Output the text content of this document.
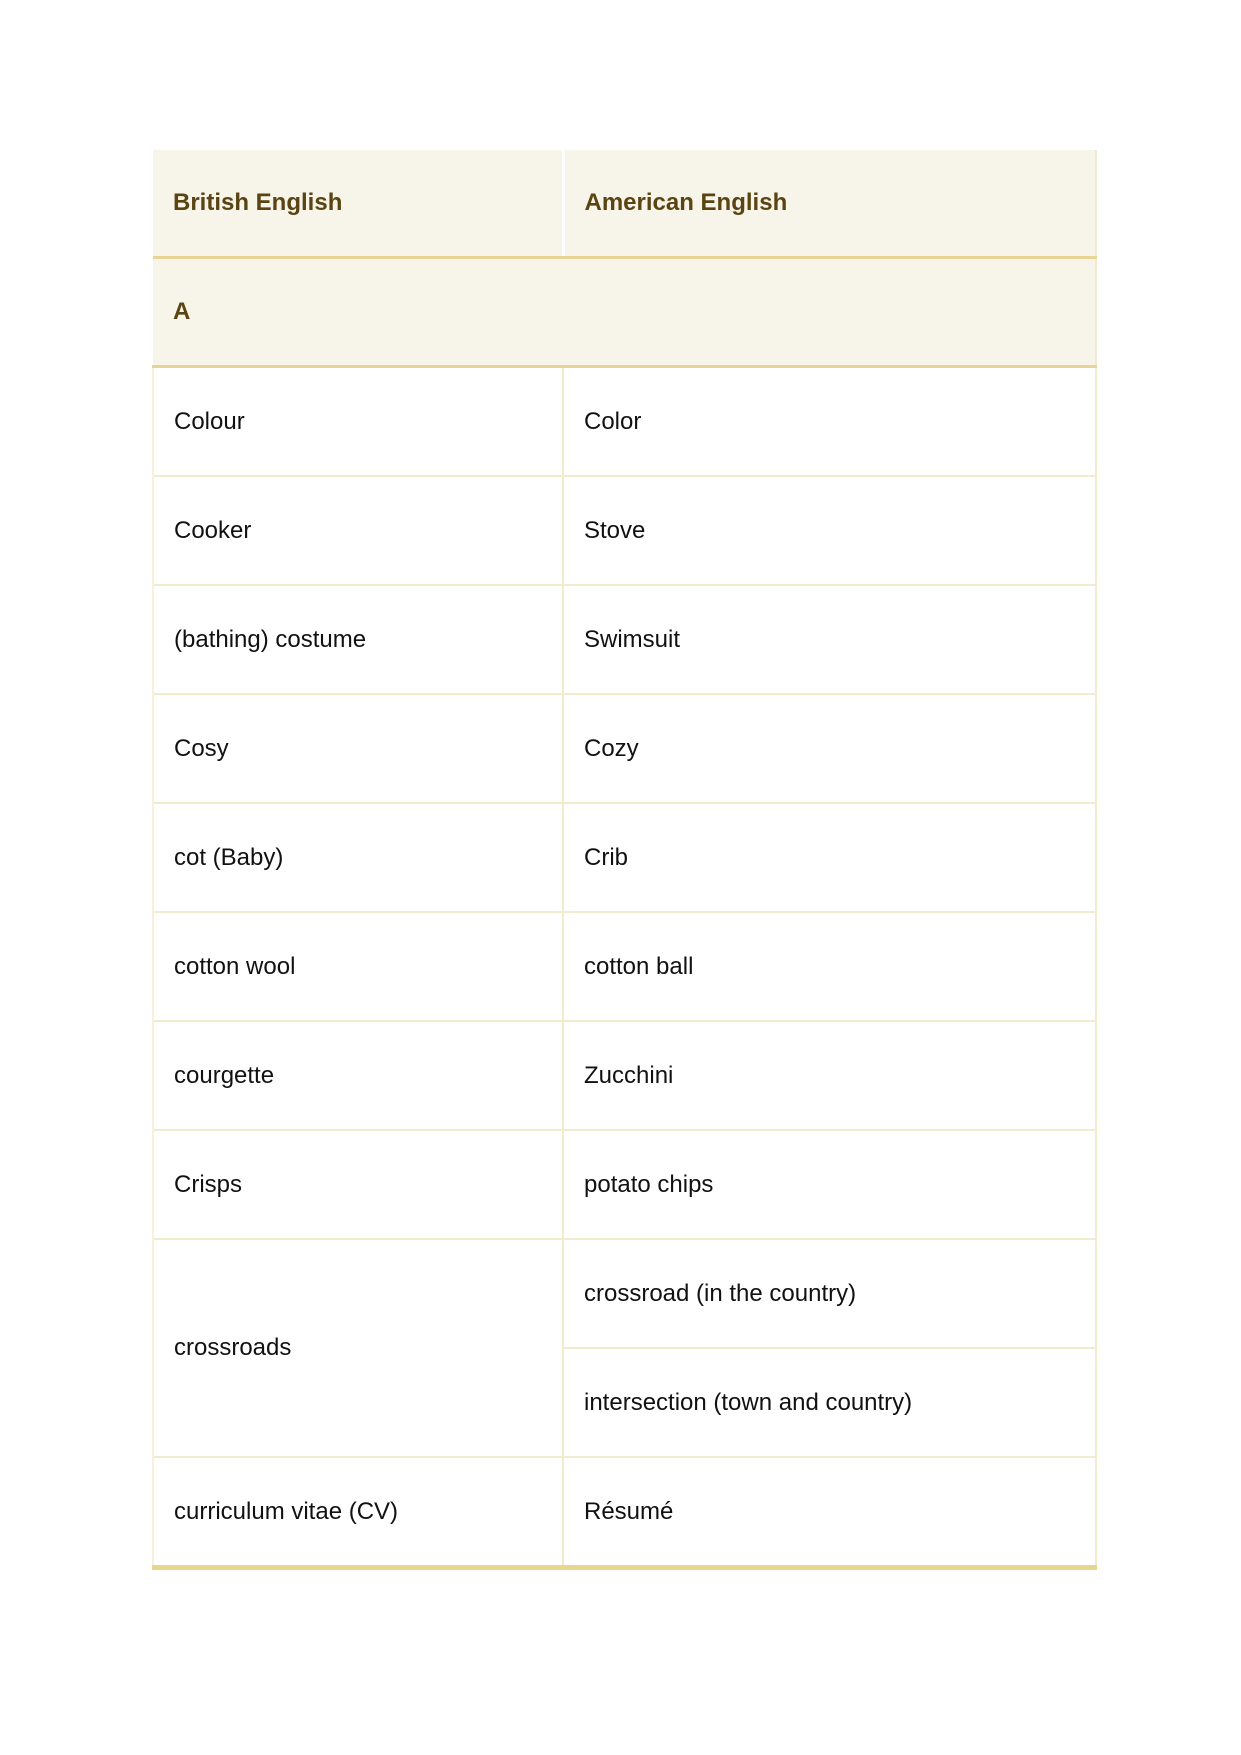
British English	American English
A	
Colour	Color
Cooker	Stove
(bathing) costume	Swimsuit
Cosy	Cozy
cot (Baby)	Crib
cotton wool	cotton ball
courgette	Zucchini
Crisps	potato chips
crossroads	crossroad (in the country)
	intersection (town and country)
curriculum vitae (CV)	Résumé
